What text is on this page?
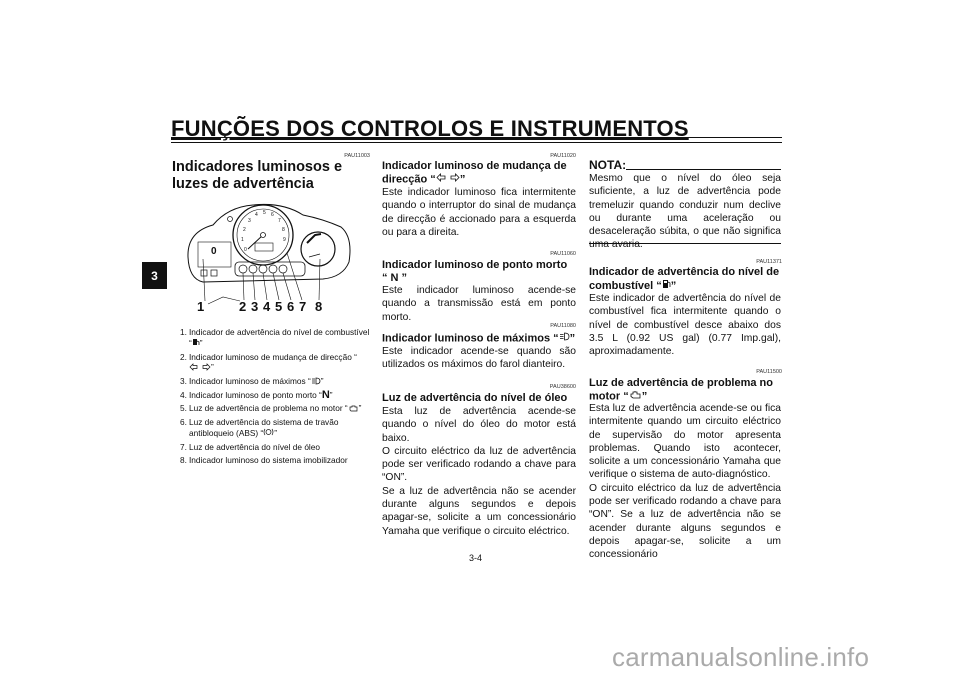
FUNÇÕES DOS CONTROLOS E INSTRUMENTOS
3
PAU11003
Indicadores luminosos e luzes de advertência
0
1
2
3
4 5 6
7
8
9
0
1	2 3 4 5 6 7 8
1. Indicador de advertência do nível de combustível “ ”
2. Indicador luminoso de mudança de direcção “”
3. Indicador luminoso de máximos “ ”
4. Indicador luminoso de ponto morto “N”
5. Luz de advertência de problema no motor “ ”
6. Luz de advertência do sistema de travão antibloqueio (ABS) “ ”
7. Luz de advertência do nível de óleo
8. Indicador luminoso do sistema imobilizador
PAU11020
Indicador luminoso de mudança de
direcção “ ”
Este indicador luminoso fica intermitente quando o interruptor do sinal de mudança de direcção é accionado para a esquerda ou para a direita.
PAU11060
Indicador luminoso de ponto morto
“ N ”
Este indicador luminoso acende-se quando a transmissão está em ponto morto.
PAU11080
Indicador luminoso de máximos “ ”
Este indicador acende-se quando são utilizados os máximos do farol dianteiro.
PAU38600
Luz de advertência do nível de óleo
Esta luz de advertência acende-se quando o nível do óleo do motor está baixo.
O circuito eléctrico da luz de advertência pode ser verificado rodando a chave para “ON”.
Se a luz de advertência não se acender durante alguns segundos e depois apagar-se, solicite a um concessionário Yamaha que verifique o circuito eléctrico.
NOTA:
Mesmo que o nível do óleo seja suficiente, a luz de advertência pode tremeluzir quando conduzir num declive ou durante uma aceleração ou desaceleração súbita, o que não significa uma avaria.
PAU11371
Indicador de advertência do nível de
combustível “ ”
Este indicador de advertência do nível de combustível fica intermitente quando o nível de combustível desce abaixo dos 3.5 L (0.92 US gal) (0.77 Imp.gal), aproximadamente.
PAU11500
Luz de advertência de problema no
motor “ ”
Esta luz de advertência acende-se ou fica intermitente quando um circuito eléctrico de supervisão do motor apresenta problemas. Quando isto acontecer, solicite a um concessionário Yamaha que verifique o sistema de auto-diagnóstico.
O circuito eléctrico da luz de advertência pode ser verificado rodando a chave para “ON”. Se a luz de advertência não se acender durante alguns segundos e depois apagar-se, solicite a um concessionário
3-4
carmanualsonline.info
